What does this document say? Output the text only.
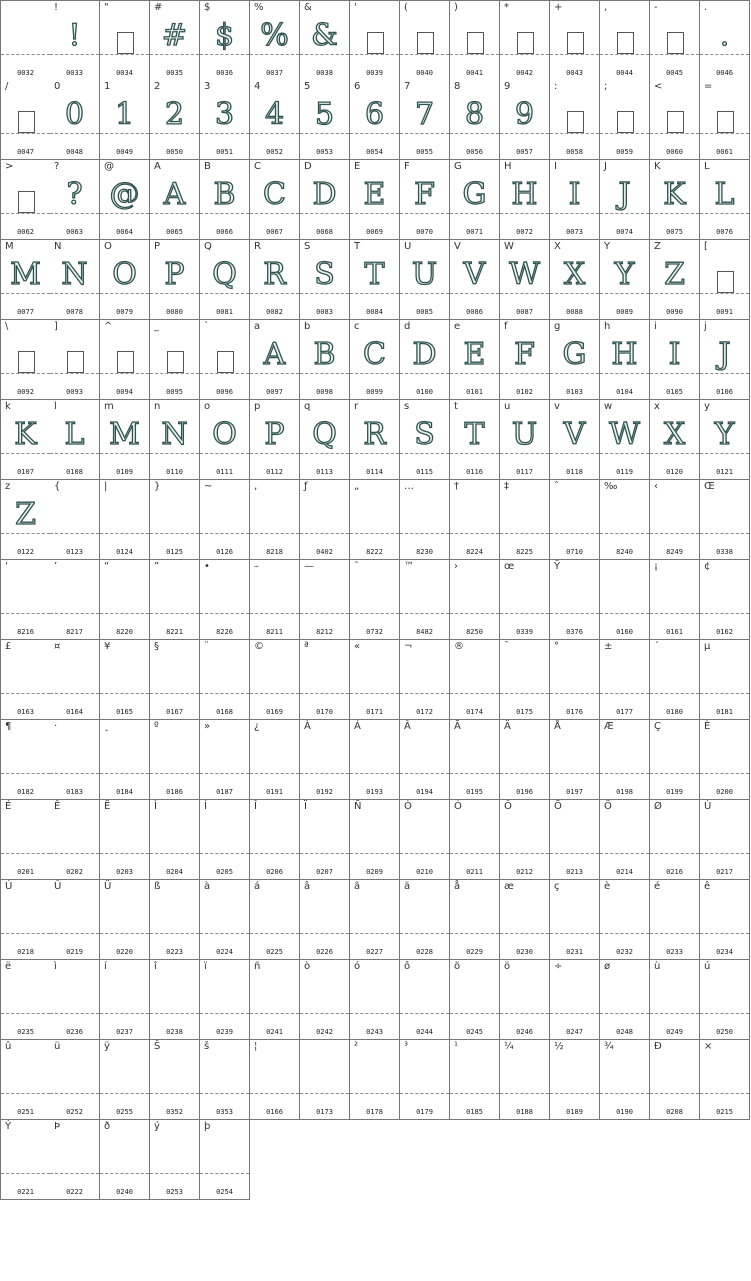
0032
!
!
0033
"
0034
#
#
0035
$
$
0036
%
%
0037
&
&
0038
'
0039
(
0040
)
0041
*
0042
+
0043
,
0044
-
0045
.
.
0046
/
0047
0
0
0048
1
1
0049
2
2
0050
3
3
0051
4
4
0052
5
5
0053
6
6
0054
7
7
0055
8
8
0056
9
9
0057
:
0058
;
0059
<
0060
=
0061
>
0062
?
?
0063
@
@
0064
A
A
0065
B
B
0066
C
C
0067
D
D
0068
E
E
0069
F
F
0070
G
G
0071
H
H
0072
I
I
0073
J
J
0074
K
K
0075
L
L
0076
M
M
0077
N
N
0078
O
O
0079
P
P
0080
Q
Q
0081
R
R
0082
S
S
0083
T
T
0084
U
U
0085
V
V
0086
W
W
0087
X
X
0088
Y
Y
0089
Z
Z
0090
[
0091
\
0092
]
0093
^
0094
_
0095
`
0096
a
A
0097
b
B
0098
c
C
0099
d
D
0100
e
E
0101
f
F
0102
g
G
0103
h
H
0104
i
I
0105
j
J
0106
k
K
0107
l
L
0108
m
M
0109
n
N
0110
o
O
0111
p
P
0112
q
Q
0113
r
R
0114
s
S
0115
t
T
0116
u
U
0117
v
V
0118
w
W
0119
x
X
0120
y
Y
0121
z
Z
0122
{
0123
|
0124
}
0125
~
0126
‚
8218
ƒ
0402
„
8222
…
8230
†
8224
‡
8225
ˆ
0710
‰
8240
‹
8249
Œ
0338
‘
8216
’
8217
“
8220
”
8221
•
8226
–
8211
—
8212
˜
0732
™
8482
›
8250
œ
0339
Ÿ
0376	0160
¡
0161
¢
0162
£
0163
¤
0164
¥
0165
§
0167
¨
0168
©
0169
ª
0170
«
0171
¬
0172
®
0174
¯
0175
°
0176
±
0177
´
0180
µ
0181
¶
0182
·
0183
¸
0184
º
0186
»
0187
¿
0191
À
0192
Á
0193
Â
0194
Ã
0195
Ä
0196
Å
0197
Æ
0198
Ç
0199
È
0200
É
0201
Ê
0202
Ë
0203
Ì
0204
Í
0205
Î
0206
Ï
0207
Ñ
0209
Ò
0210
Ó
0211
Ô
0212
Õ
0213
Ö
0214
Ø
0216
Ù
0217
Ú
0218
Û
0219
Ü
0220
ß
0223
à
0224
á
0225
â
0226
ã
0227
ä
0228
å
0229
æ
0230
ç
0231
è
0232
é
0233
ê
0234
ë
0235
ì
0236
í
0237
î
0238
ï
0239
ñ
0241
ò
0242
ó
0243
ô
0244
õ
0245
ö
0246
÷
0247
ø
0248
ù
0249
ú
0250
û
0251
ü
0252
ÿ
0255
Š
0352
š
0353
¦
0166	0173
²
0178
³
0179
¹
0185
¼
0188
½
0189
¾
0190
Ð
0208
×
0215
Ý
0221
Þ
0222
ð
0240
ý
0253
þ
0254
